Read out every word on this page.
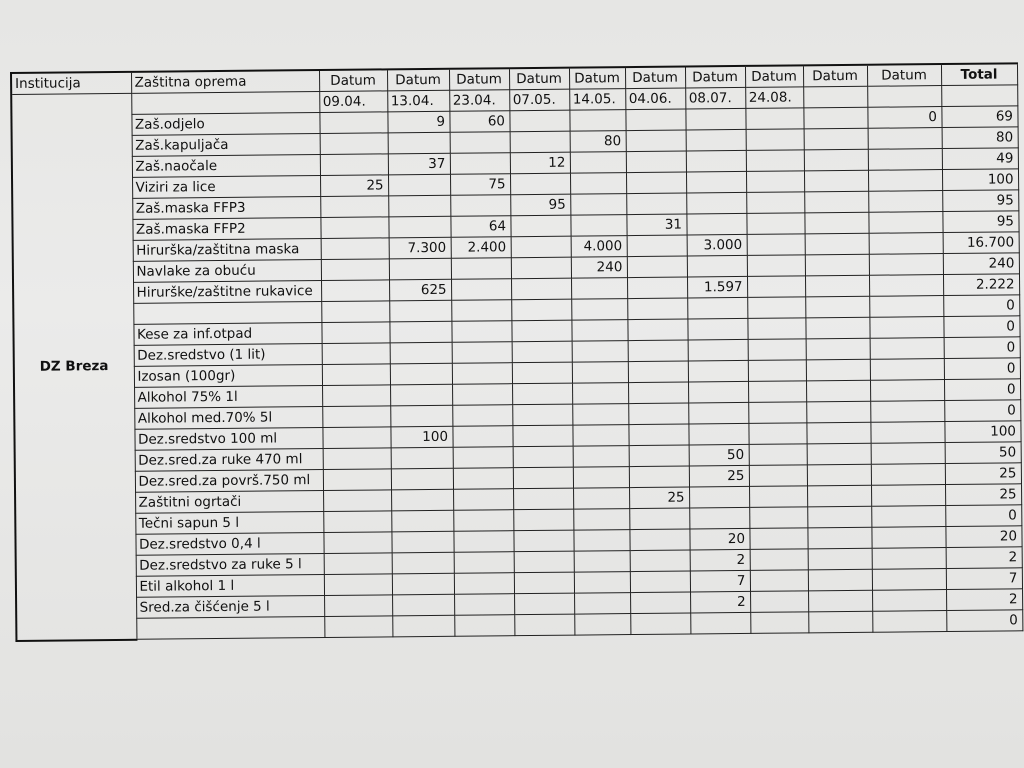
Institucija	Zaštitna oprema	Datum	Datum	Datum	Datum	Datum	Datum	Datum	Datum	Datum	Datum	Total
DZ Breza		09.04.	13.04.	23.04.	07.05.	14.05.	04.06.	08.07.	24.08.			
	Zaš.odjelo		9	60							0	69
	Zaš.kapuljača					80						80
	Zaš.naočale		37		12							49
	Viziri za lice	25		75								100
	Zaš.maska FFP3				95							95
	Zaš.maska FFP2			64			31					95
	Hirurška/zaštitna maska		7.300	2.400		4.000		3.000				16.700
	Navlake za obuću					240						240
	Hirurške/zaštitne rukavice		625					1.597				2.222
												0
	Kese za inf.otpad											0
	Dez.sredstvo (1 lit)											0
	Izosan (100gr)											0
	Alkohol 75% 1l											0
	Alkohol med.70% 5l											0
	Dez.sredstvo 100 ml		100									100
	Dez.sred.za ruke 470 ml							50				50
	Dez.sred.za površ.750 ml							25				25
	Zaštitni ogrtači						25					25
	Tečni sapun 5 l											0
	Dez.sredstvo 0,4 l							20				20
	Dez.sredstvo za ruke 5 l							2				2
	Etil alkohol 1 l							7				7
	Sred.za čišćenje 5 l							2				2
												0
